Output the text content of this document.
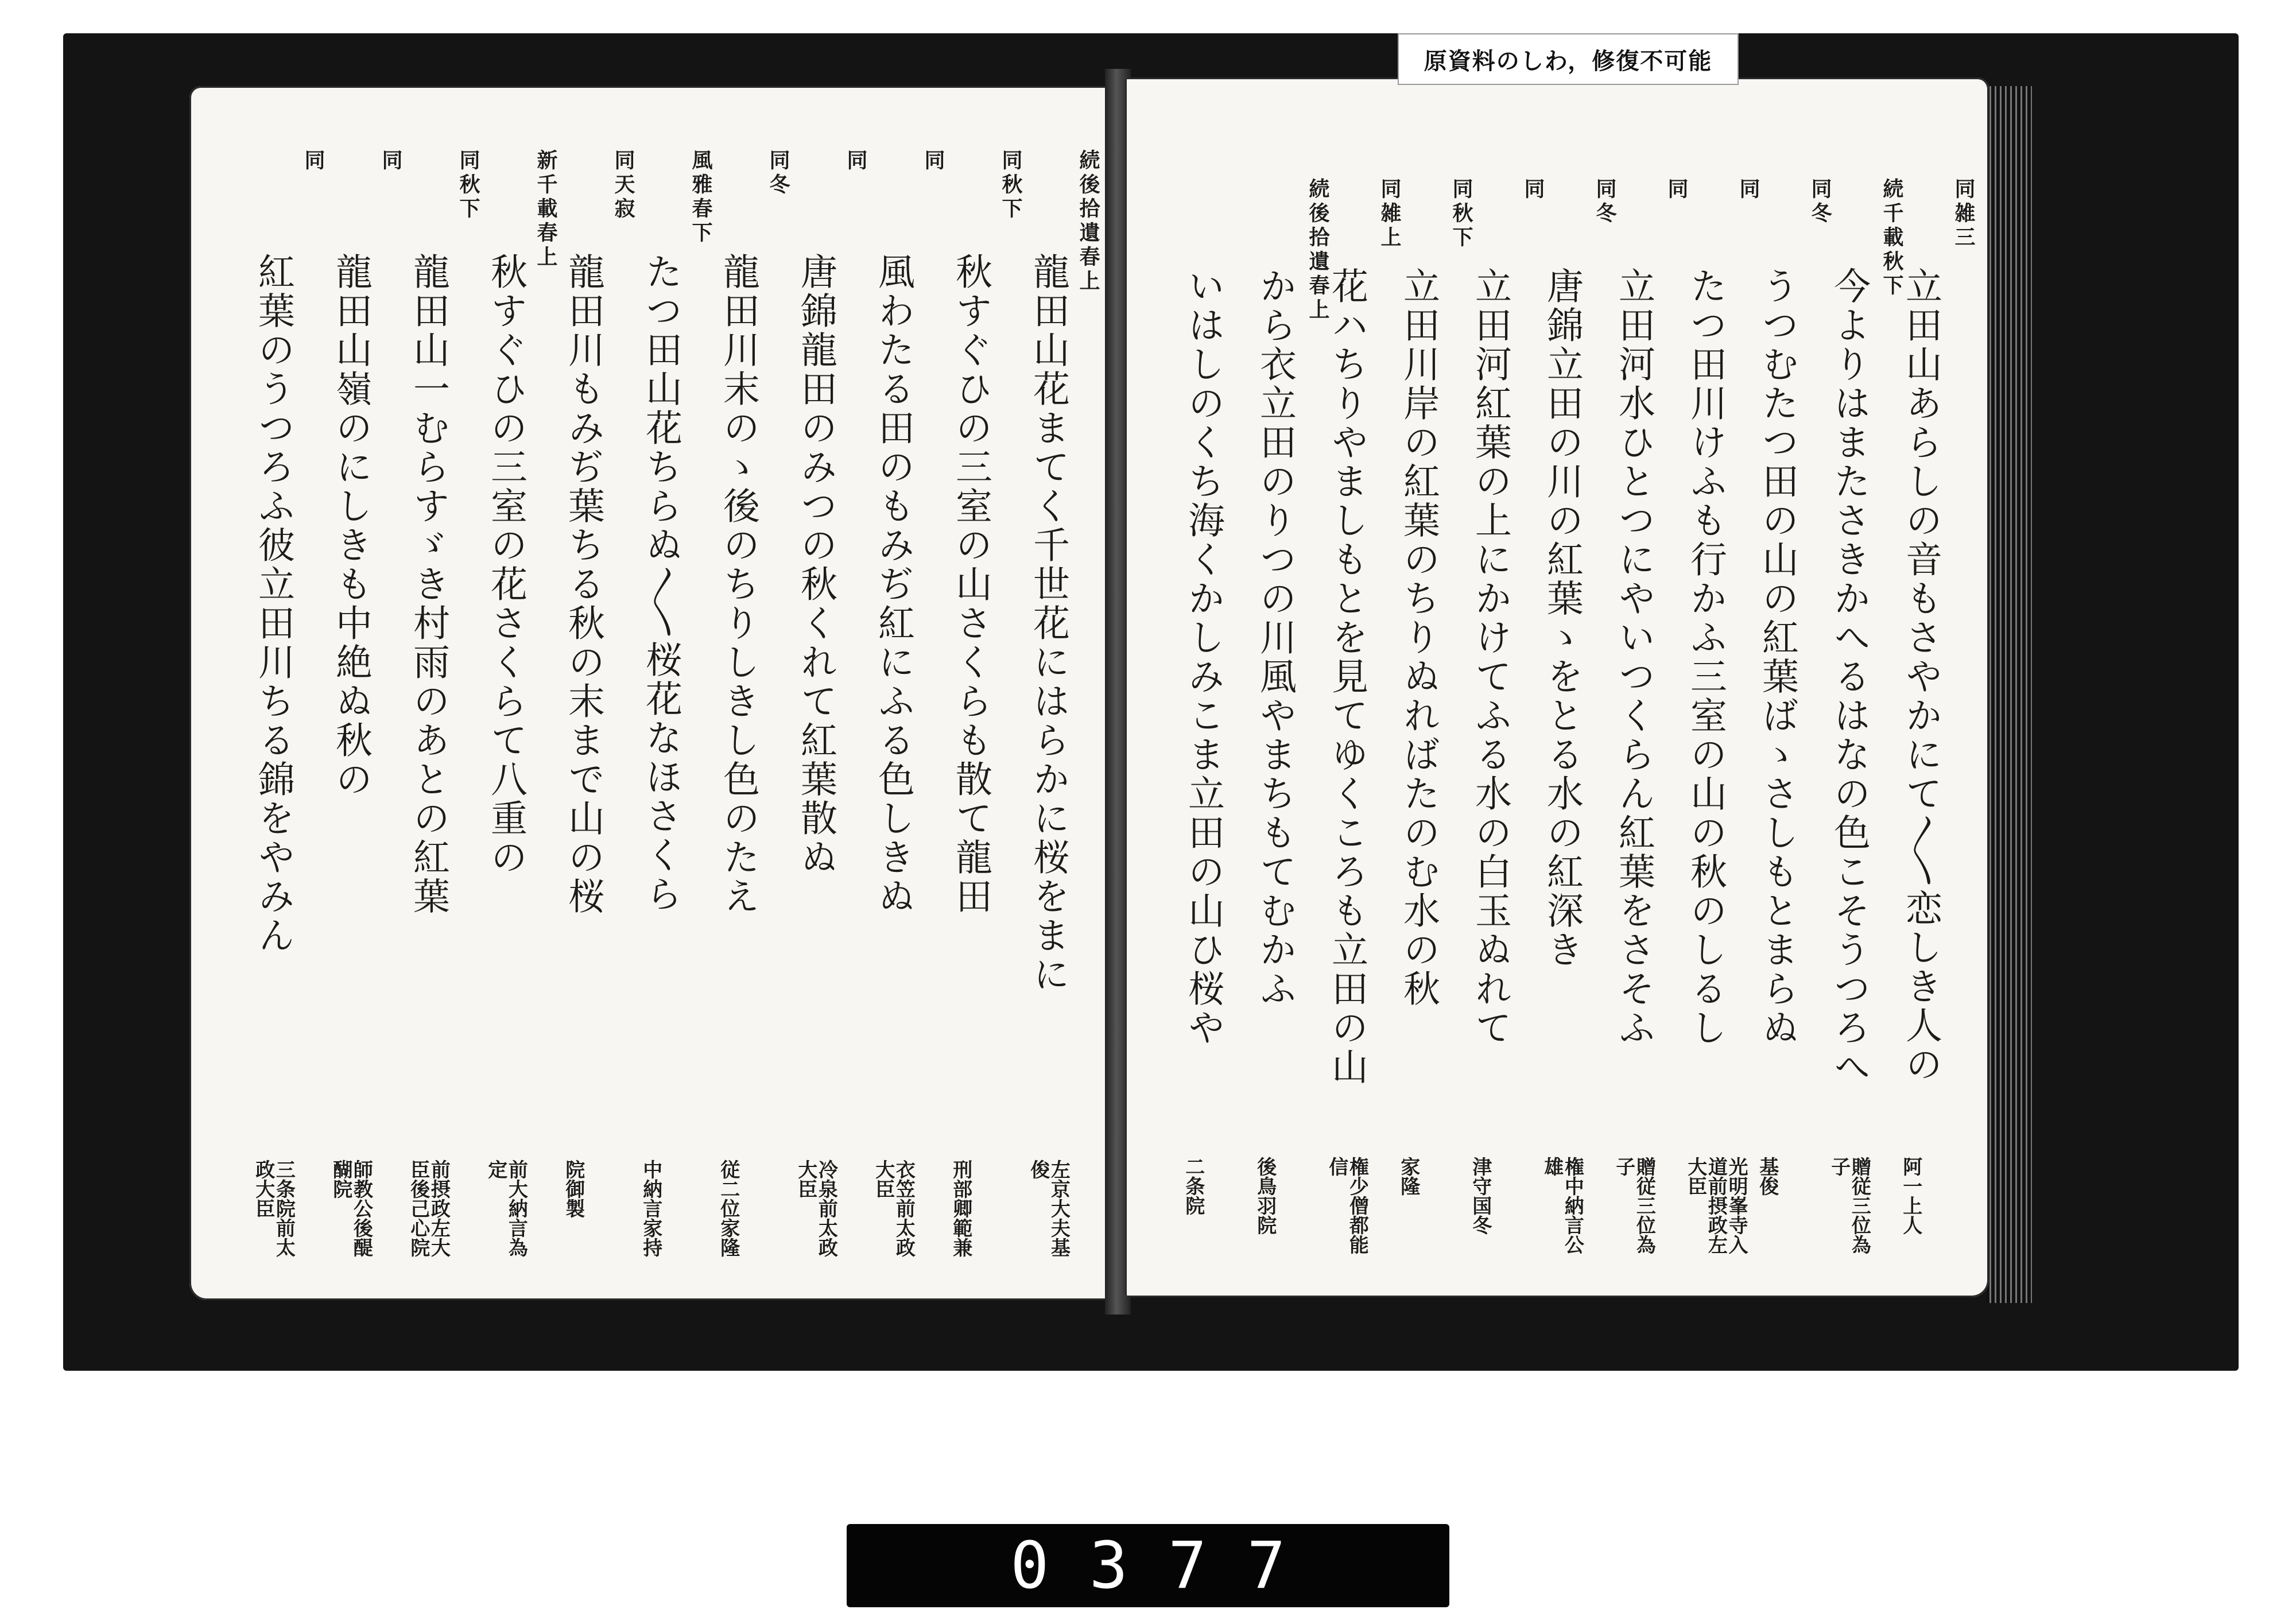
続後拾遺春上
龍田山花まてく千世花にはらかに桜をまに
左京大夫基俊
同秋下
秋すぐひの三室の山さくらも散て龍田
刑部卿範兼
同
風わたる田のもみぢ紅にふる色しきぬ
衣笠前太政大臣
同
唐錦龍田のみつの秋くれて紅葉散ぬ
冷泉前太政大臣
同冬
龍田川末のゝ後のちりしきし色のたえ
従二位家隆
風雅春下
たつ田山花ちらぬ〳〵桜花なほさくら
中納言家持
同天寂
龍田川もみぢ葉ちる秋の末まで山の桜
院御製
新千載春上
秋すぐひの三室の花さくらて八重の
前大納言為定
同秋下
龍田山一むらすゞき村雨のあとの紅葉
前摂政左大臣後己心院
同
龍田山嶺のにしきも中絶ぬ秋の
師教公後醍醐院
同
紅葉のうつろふ彼立田川ちる錦をやみん
三条院前太政大臣
同雑三
立田山あらしの音もさやかにて〳〵恋しき人の
阿一上人
続千載秋下
今よりはまたさきかへるはなの色こそうつろへ
贈従三位為子
同冬
うつむたつ田の山の紅葉ばゝさしもとまらぬ
基俊
同
たつ田川けふも行かふ三室の山の秋のしるし
光明峯寺入道前摂政左大臣
同
立田河水ひとつにやいつくらん紅葉をさそふ
贈従三位為子
同冬
唐錦立田の川の紅葉ゝをとる水の紅深き
権中納言公雄
同
立田河紅葉の上にかけてふる水の白玉ぬれて
津守国冬
同秋下
立田川岸の紅葉のちりぬればたのむ水の秋
家隆
同雑上
花ハちりやましもとを見てゆくころも立田の山
権少僧都能信
続後拾遺春上
から衣立田のりつの川風やまちもてむかふ
後鳥羽院
いはしのくち海くかしみこま立田の山ひ桜や
二条院
原資料のしわ，修復不可能
0377
